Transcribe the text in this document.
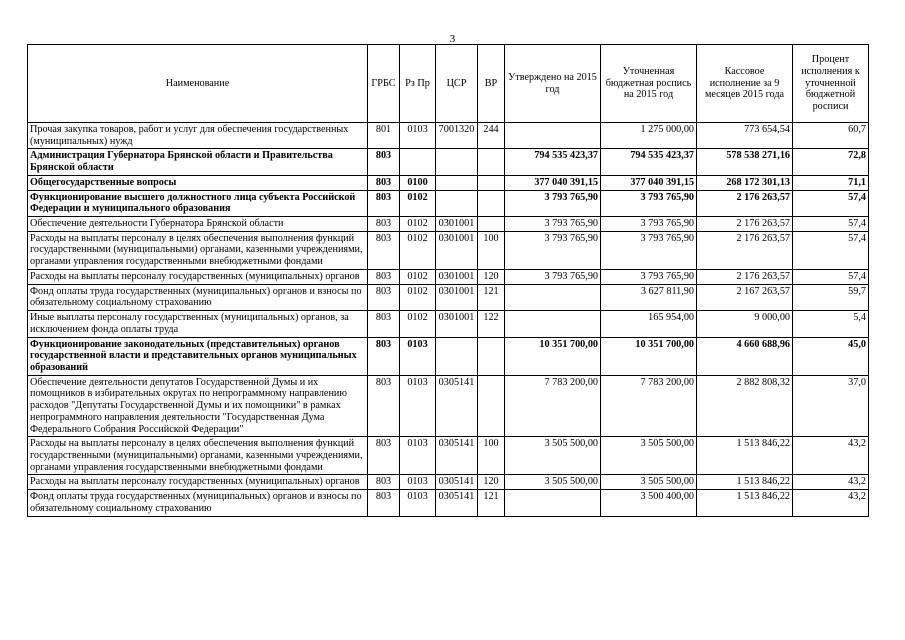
3
Наименование	ГРБС	Рз Пр	ЦСР	ВР	Утверждено на 2015 год	Уточненная бюджетная роспись на 2015 год	Кассовое исполнение за 9 месяцев 2015 года	Процент исполнения к уточненной бюджетной росписи
Прочая закупка товаров, работ и услуг для обеспечения государственных (муниципальных) нужд	801	0103	7001320	244		1 275 000,00	773 654,54	60,7
Администрация Губернатора Брянской области и Правительства Брянской области	803				794 535 423,37	794 535 423,37	578 538 271,16	72,8
Общегосударственные вопросы	803	0100			377 040 391,15	377 040 391,15	268 172 301,13	71,1
Функционирование высшего должностного лица субъекта Российской Федерации и муниципального образования	803	0102			3 793 765,90	3 793 765,90	2 176 263,57	57,4
Обеспечение деятельности Губернатора Брянской области	803	0102	0301001		3 793 765,90	3 793 765,90	2 176 263,57	57,4
Расходы на выплаты персоналу в целях обеспечения выполнения функций государственными (муниципальными) органами, казенными учреждениями, органами управления государственными внебюджетными фондами	803	0102	0301001	100	3 793 765,90	3 793 765,90	2 176 263,57	57,4
Расходы на выплаты персоналу государственных (муниципальных) органов	803	0102	0301001	120	3 793 765,90	3 793 765,90	2 176 263,57	57,4
Фонд оплаты труда государственных (муниципальных) органов и взносы по обязательному социальному страхованию	803	0102	0301001	121		3 627 811,90	2 167 263,57	59,7
Иные выплаты персоналу государственных (муниципальных) органов, за исключением фонда оплаты труда	803	0102	0301001	122		165 954,00	9 000,00	5,4
Функционирование законодательных (представительных) органов государственной власти и представительных органов муниципальных образований	803	0103			10 351 700,00	10 351 700,00	4 660 688,96	45,0
Обеспечение деятельности депутатов Государственной Думы и их помощников в избирательных округах по непрограммному направлению расходов "Депутаты Государственной Думы и их помощники" в рамках непрограммного направления деятельности "Государственная Дума Федерального Собрания Российской Федерации"	803	0103	0305141		7 783 200,00	7 783 200,00	2 882 808,32	37,0
Расходы на выплаты персоналу в целях обеспечения выполнения функций государственными (муниципальными) органами, казенными учреждениями, органами управления государственными внебюджетными фондами	803	0103	0305141	100	3 505 500,00	3 505 500,00	1 513 846,22	43,2
Расходы на выплаты персоналу государственных (муниципальных) органов	803	0103	0305141	120	3 505 500,00	3 505 500,00	1 513 846,22	43,2
Фонд оплаты труда государственных (муниципальных) органов и взносы по обязательному социальному страхованию	803	0103	0305141	121		3 500 400,00	1 513 846,22	43,2
